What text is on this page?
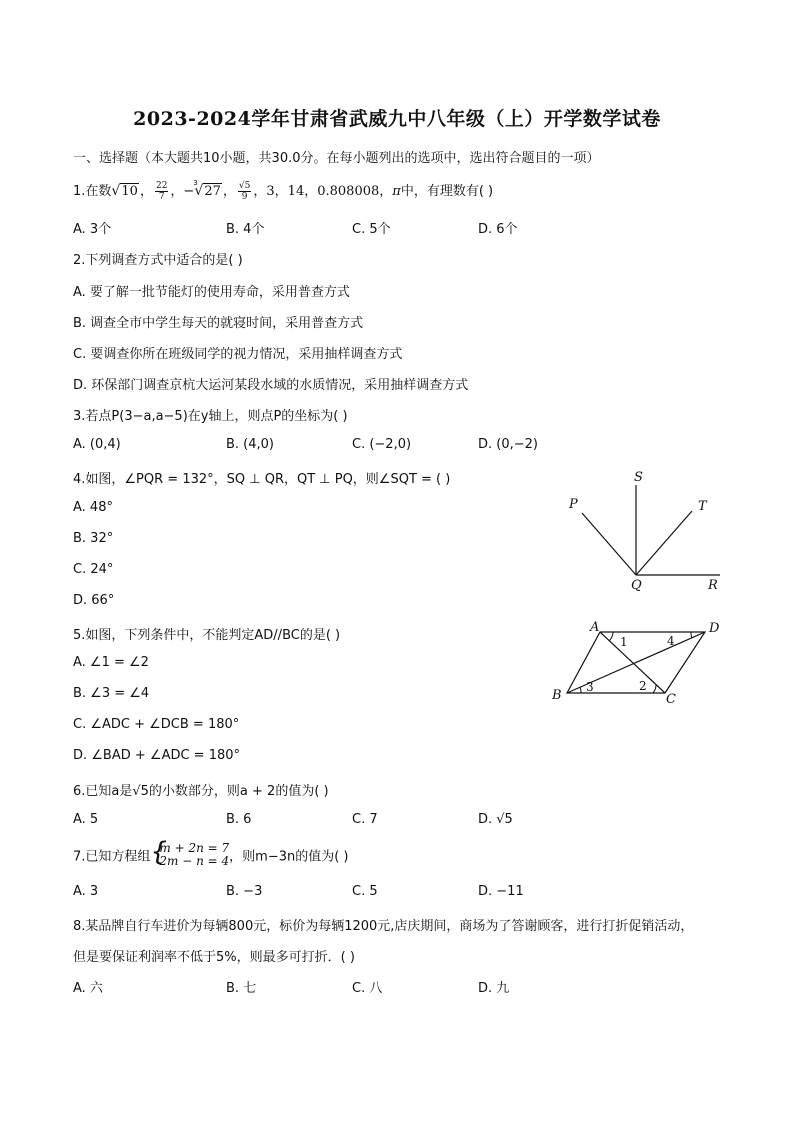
2023-2024学年甘肃省武威九中八年级（上）开学数学试卷
一、选择题（本大题共10小题，共30.0分。在每小题列出的选项中，选出符合题目的一项）
1.在数√ 10 ， $\frac{22}{7}$ ，−
√ 3
27 ， $\frac{√5}{9}$ ，3，14，0.808008，π中，有理数有( )
A. 3个	B. 4个	C. 5个	D. 6个
2.下列调查方式中适合的是( )
A. 要了解一批节能灯的使用寿命，采用普查方式
B. 调查全市中学生每天的就寝时间，采用普查方式
C. 要调查你所在班级同学的视力情况，采用抽样调查方式
D. 环保部门调查京杭大运河某段水域的水质情况，采用抽样调查方式
3.若点P(3−a,a−5)在y轴上，则点P的坐标为( )
A. (0,4)	B. (4,0)	C. (−2,0)	D. (0,−2)
4.如图，∠PQR = 132°，SQ ⊥ QR，QT ⊥ PQ，则∠SQT = ( )
A. 48°
B. 32°
C. 24°
D. 66°
P
S
T
Q	R
5.如图，下列条件中，不能判定AD//BC的是( )
A. ∠1 = ∠2
B. ∠3 = ∠4
C. ∠ADC + ∠DCB = 180°
D. ∠BAD + ∠ADC = 180°
A	D
B	C
1	4
3	2
6.已知a是√5的小数部分，则a + 2的值为( )
A. 5	B. 6	C. 7	D. √5
7.已知方程组 {
m + 2n = 7
2m − n = 4 ，则m−3n的值为( )
A. 3	B. −3	C. 5	D. −11
8.某品牌自行车进价为每辆800元，标价为每辆1200元,店庆期间，商场为了答谢顾客，进行打折促销活动，
但是要保证利润率不低于5%，则最多可打折．( )
A. 六	B. 七	C. 八	D. 九
